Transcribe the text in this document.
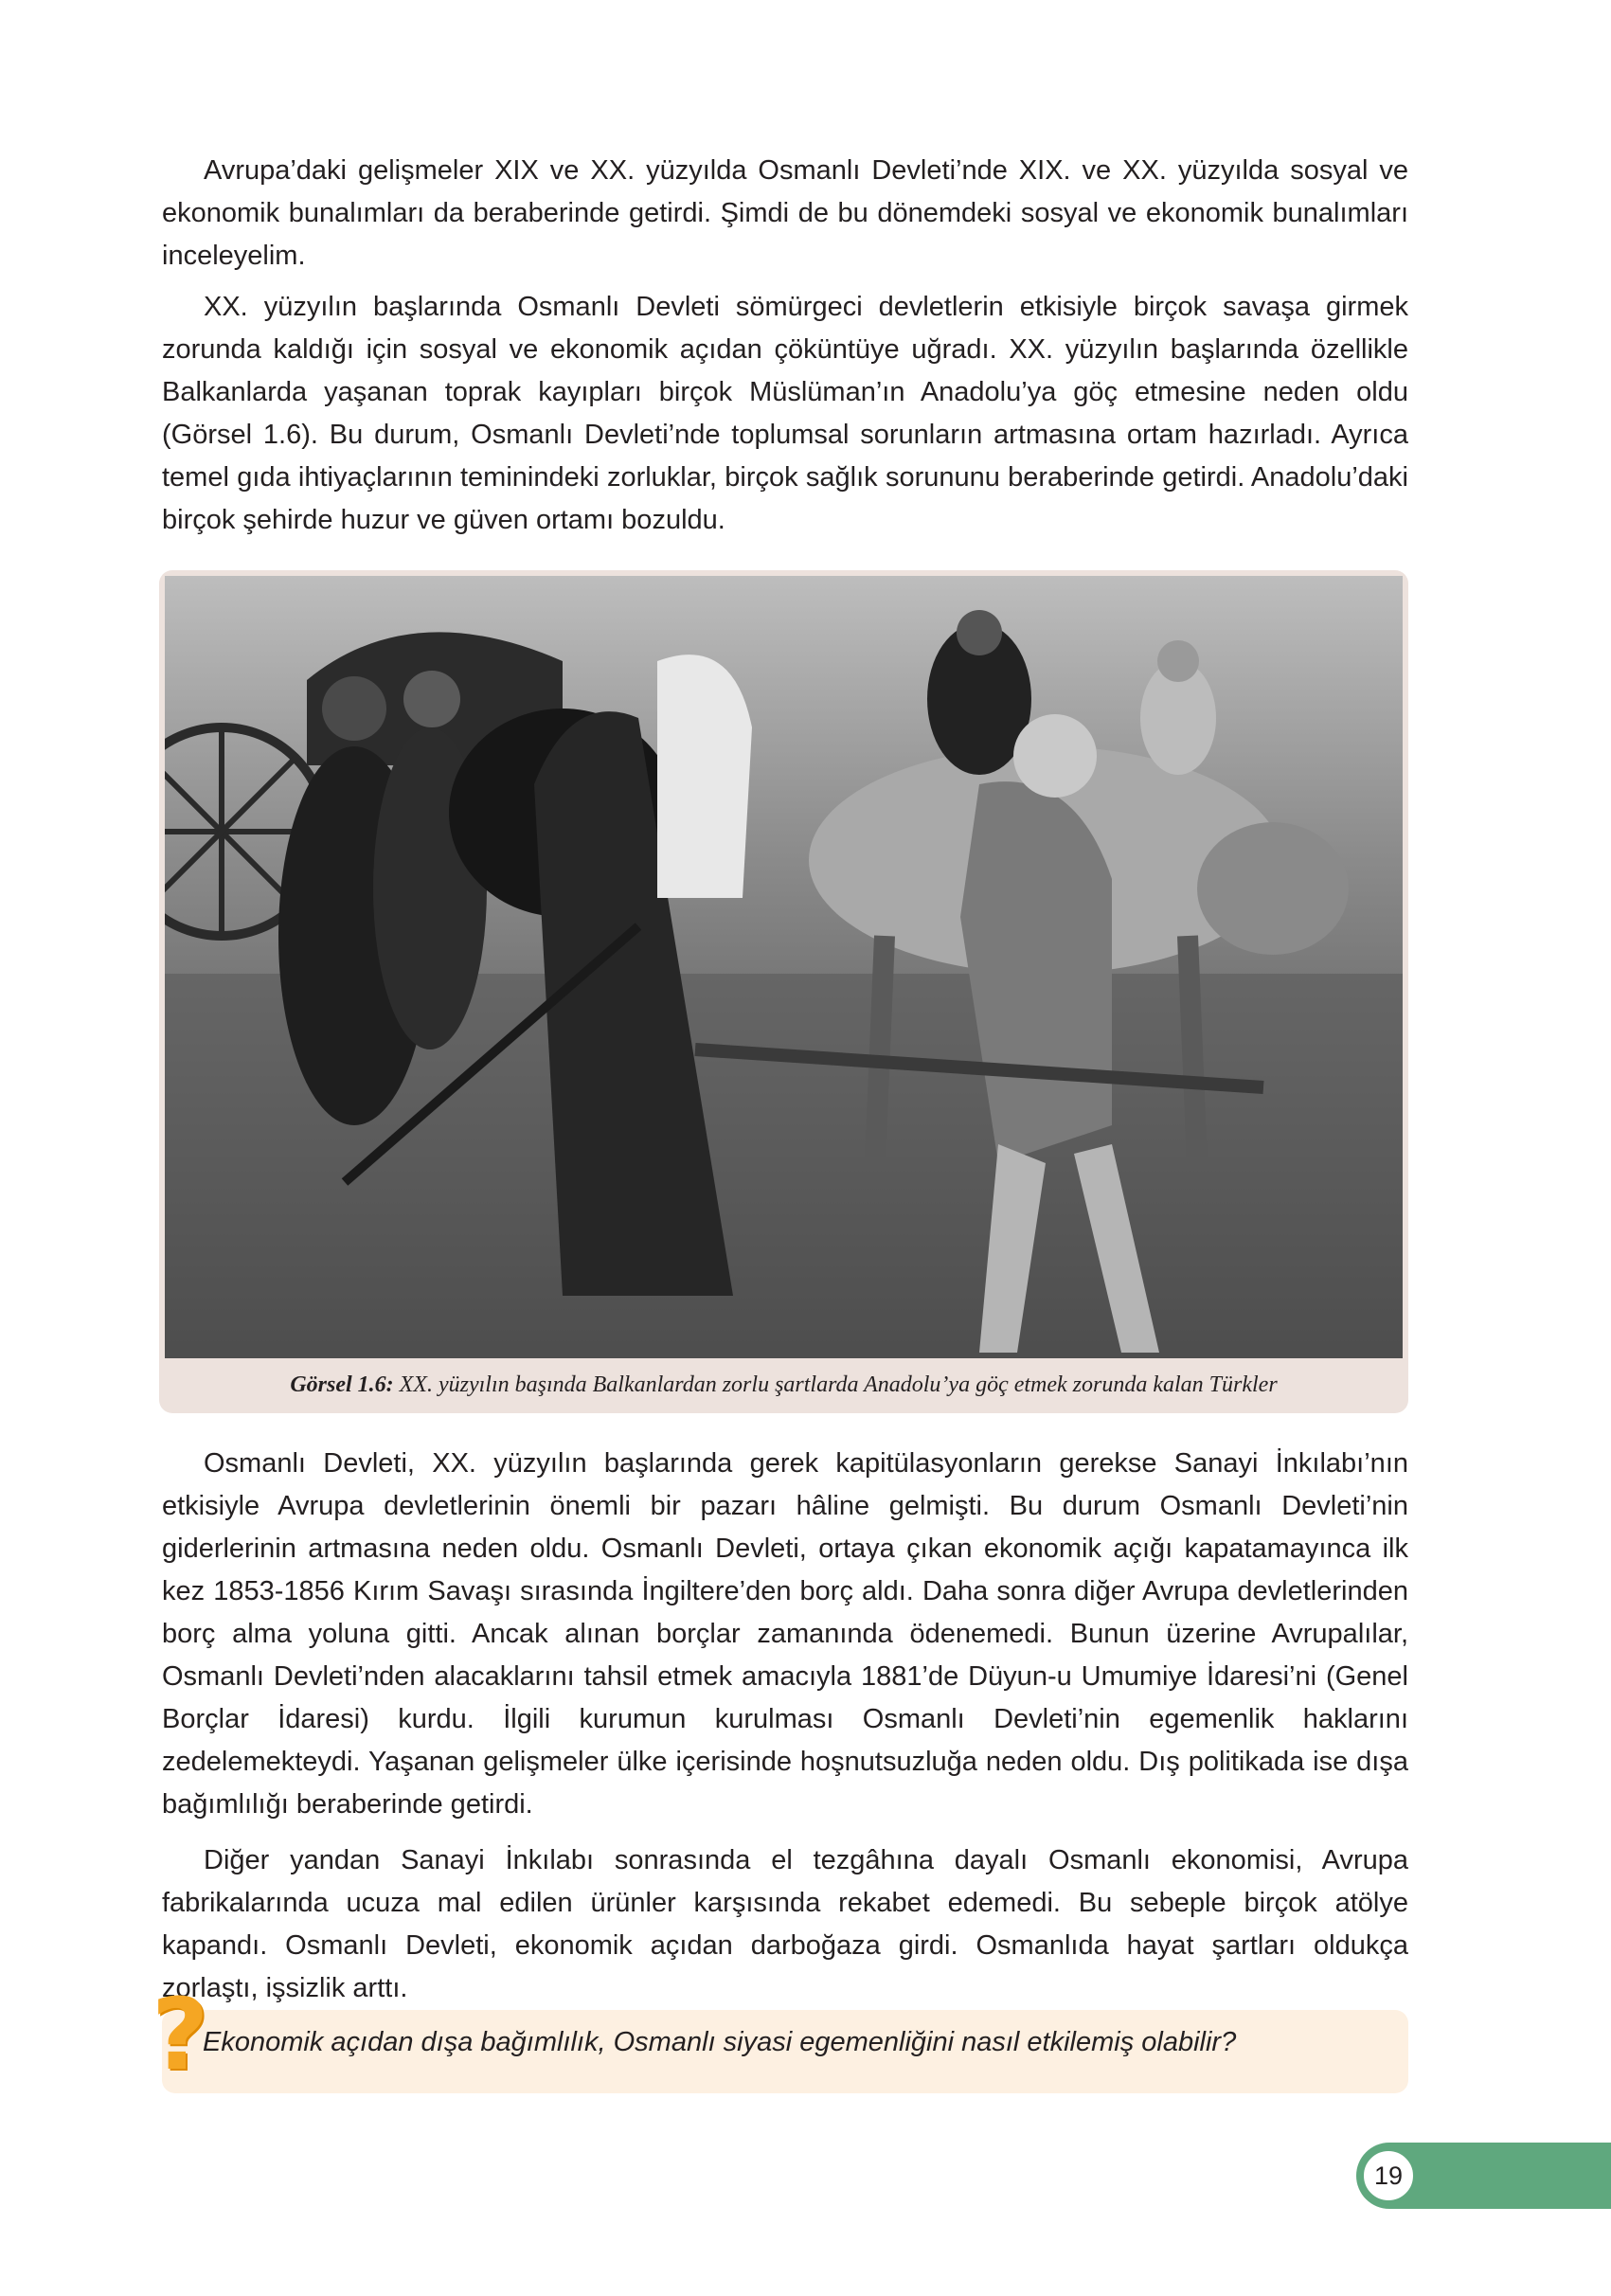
Avrupa’daki gelişmeler XIX ve XX. yüzyılda Osmanlı Devleti’nde XIX. ve XX. yüzyılda sosyal ve ekonomik bunalımları da beraberinde getirdi. Şimdi de bu dönemdeki sosyal ve ekonomik bunalımları inceleyelim.

XX. yüzyılın başlarında Osmanlı Devleti sömürgeci devletlerin etkisiyle birçok savaşa girmek zorunda kaldığı için sosyal ve ekonomik açıdan çöküntüye uğradı. XX. yüzyılın başlarında özellikle Balkanlarda yaşanan toprak kayıpları birçok Müslüman’ın Anadolu’ya göç etmesine neden oldu (Görsel 1.6). Bu durum, Osmanlı Devleti’nde toplumsal sorunların artmasına ortam hazırladı. Ayrıca temel gıda ihtiyaçlarının teminindeki zorluklar, birçok sağlık sorununu beraberinde getirdi. Anadolu’daki birçok şehirde huzur ve güven ortamı bozuldu.

Görsel 1.6: XX. yüzyılın başında Balkanlardan zorlu şartlarda Anadolu’ya göç etmek zorunda kalan Türkler

Osmanlı Devleti, XX. yüzyılın başlarında gerek kapitülasyonların gerekse Sanayi İnkılabı’nın etkisiyle Avrupa devletlerinin önemli bir pazarı hâline gelmişti. Bu durum Osmanlı Devleti’nin giderlerinin artmasına neden oldu. Osmanlı Devleti, ortaya çıkan ekonomik açığı kapatamayınca ilk kez 1853-1856 Kırım Savaşı sırasında İngiltere’den borç aldı. Daha sonra diğer Avrupa devletlerinden borç alma yoluna gitti. Ancak alınan borçlar zamanında ödenemedi. Bunun üzerine Avrupalılar, Osmanlı Devleti’nden alacaklarını tahsil etmek amacıyla 1881’de Düyun-u Umumiye İdaresi’ni (Genel Borçlar İdaresi) kurdu. İlgili kurumun kurulması Osmanlı Devleti’nin egemenlik haklarını zedelemekteydi. Yaşanan gelişmeler ülke içerisinde hoşnutsuzluğa neden oldu. Dış politikada ise dışa bağımlılığı beraberinde getirdi.

Diğer yandan Sanayi İnkılabı sonrasında el tezgâhına dayalı Osmanlı ekonomisi, Avrupa fabrikalarında ucuza mal edilen ürünler karşısında rekabet edemedi. Bu sebeple birçok atölye kapandı. Osmanlı Devleti, ekonomik açıdan darboğaza girdi. Osmanlıda hayat şartları oldukça zorlaştı, işsizlik arttı.

?
Ekonomik açıdan dışa bağımlılık, Osmanlı siyasi egemenliğini nasıl etkilemiş olabilir?
19
